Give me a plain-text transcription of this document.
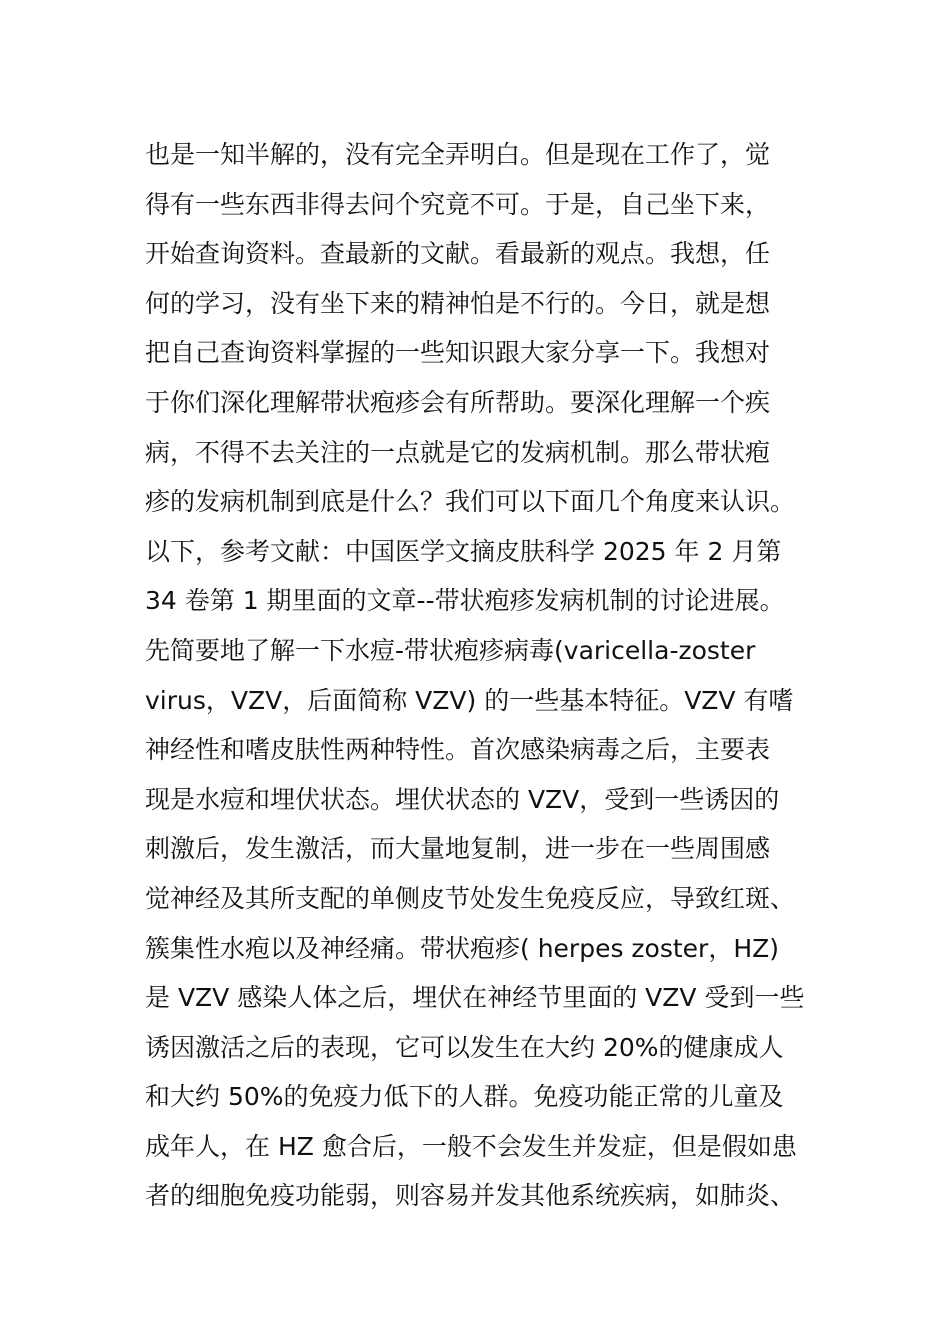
也是一知半解的，没有完全弄明白。但是现在工作了，觉
得有一些东西非得去问个究竟不可。于是，自己坐下来，
开始查询资料。查最新的文献。看最新的观点。我想，任
何的学习，没有坐下来的精神怕是不行的。今日，就是想
把自己查询资料掌握的一些知识跟大家分享一下。我想对
于你们深化理解带状疱疹会有所帮助。要深化理解一个疾
病，不得不去关注的一点就是它的发病机制。那么带状疱
疹的发病机制到底是什么？我们可以下面几个角度来认识。
以下，参考文献：中国医学文摘皮肤科学 2025 年 2 月第
34 卷第 1 期里面的文章--带状疱疹发病机制的讨论进展。
先简要地了解一下水痘-带状疱疹病毒(varicella-zoster
virus，VZV，后面简称 VZV) 的一些基本特征。VZV 有嗜
神经性和嗜皮肤性两种特性。首次感染病毒之后，主要表
现是水痘和埋伏状态。埋伏状态的 VZV，受到一些诱因的
刺激后，发生激活，而大量地复制，进一步在一些周围感
觉神经及其所支配的单侧皮节处发生免疫反应，导致红斑、
簇集性水疱以及神经痛。带状疱疹( herpes zoster，HZ)
是 VZV 感染人体之后，埋伏在神经节里面的 VZV 受到一些
诱因激活之后的表现，它可以发生在大约 20%的健康成人
和大约 50%的免疫力低下的人群。免疫功能正常的儿童及
成年人，在 HZ 愈合后，一般不会发生并发症，但是假如患
者的细胞免疫功能弱，则容易并发其他系统疾病，如肺炎、
